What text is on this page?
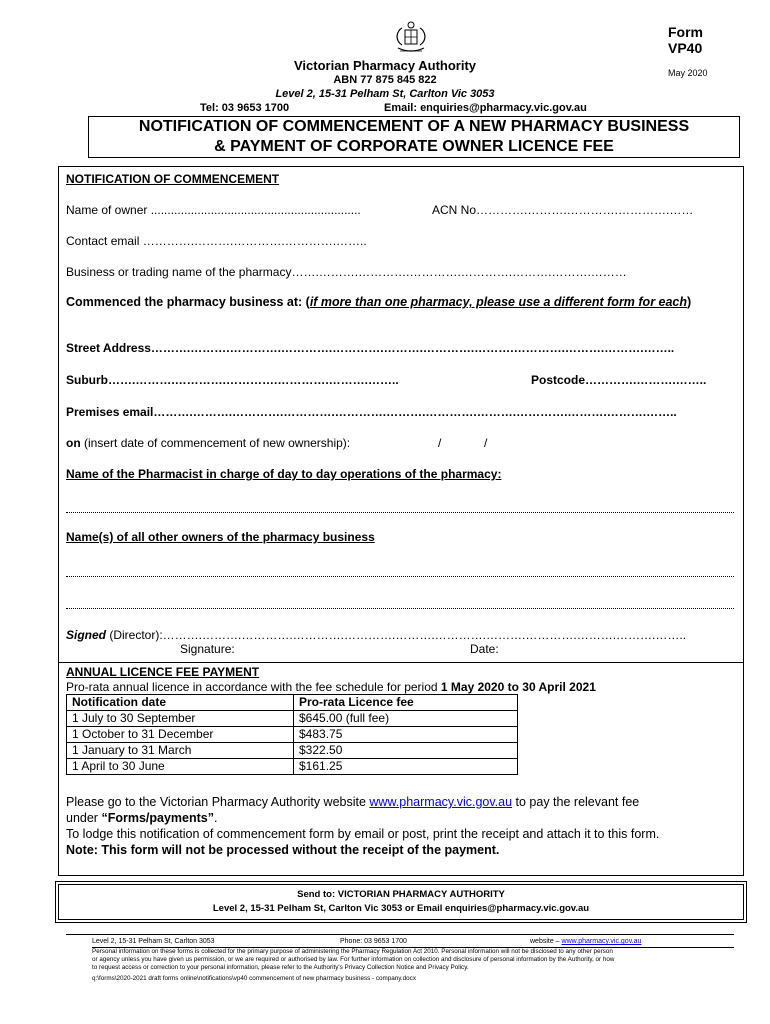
Form
VP40
May 2020
Victorian Pharmacy Authority
ABN 77 875 845 822
Level 2, 15-31 Pelham St, Carlton Vic 3053
Tel: 03 9653 1700	Email: enquiries@pharmacy.vic.gov.au
NOTIFICATION OF COMMENCEMENT OF A NEW PHARMACY BUSINESS
& PAYMENT OF CORPORATE OWNER LICENCE FEE
NOTIFICATION OF COMMENCEMENT
Name of owner ...............................................................	ACN No………….……….………….………….……
Contact email ………….……….………….………….……..
Business or trading name of the pharmacy…….……….………….………….………….……….……….………
Commenced the pharmacy business at: (if more than one pharmacy, please use a different form for each)
Street Address……….……….………….………….………….……….………….……….………….……….……….……..
Suburb…….……….………….………….………….……….……..	Postcode………….……….……..
Premises email……….……….………….………….………….……….………….……….………….……….……….……..
on (insert date of commencement of new ownership):	/	/
Name of the Pharmacist in charge of day to day operations of the pharmacy:
Name(s) of all other owners of the pharmacy business
Signed (Director):……….……….………….………….………….……….………….……….………….……….……….……..
Signature:	Date:
ANNUAL LICENCE FEE PAYMENT
Pro-rata annual licence in accordance with the fee schedule for period 1 May 2020 to 30 April 2021
Notification date	Pro-rata Licence fee
1 July to 30 September	$645.00 (full fee)
1 October to 31 December	$483.75
1 January to 31 March	$322.50
1 April to 30 June	$161.25
Please go to the Victorian Pharmacy Authority website www.pharmacy.vic.gov.au to pay the relevant fee
under “Forms/payments”.
To lodge this notification of commencement form by email or post, print the receipt and attach it to this form.
Note: This form will not be processed without the receipt of the payment.
Send to: VICTORIAN PHARMACY AUTHORITY
Level 2, 15-31 Pelham St, Carlton Vic 3053 or Email enquiries@pharmacy.vic.gov.au
Level 2, 15-31 Pelham St, Carlton 3053	Phone: 03 9653 1700	website – www.pharmacy.vic.gov.au
Personal information on these forms is collected for the primary purpose of administering the Pharmacy Regulation Act 2010. Personal information will not be disclosed to any other person
or agency unless you have given us permission, or we are required or authorised by law. For further information on collection and disclosure of personal information by the Authority, or how
to request access or correction to your personal information, please refer to the Authority's Privacy Collection Notice and Privacy Policy.
q:\forms\2020-2021 draft forms online\notifications\vp40 commencement of new pharmacy business - company.docx
